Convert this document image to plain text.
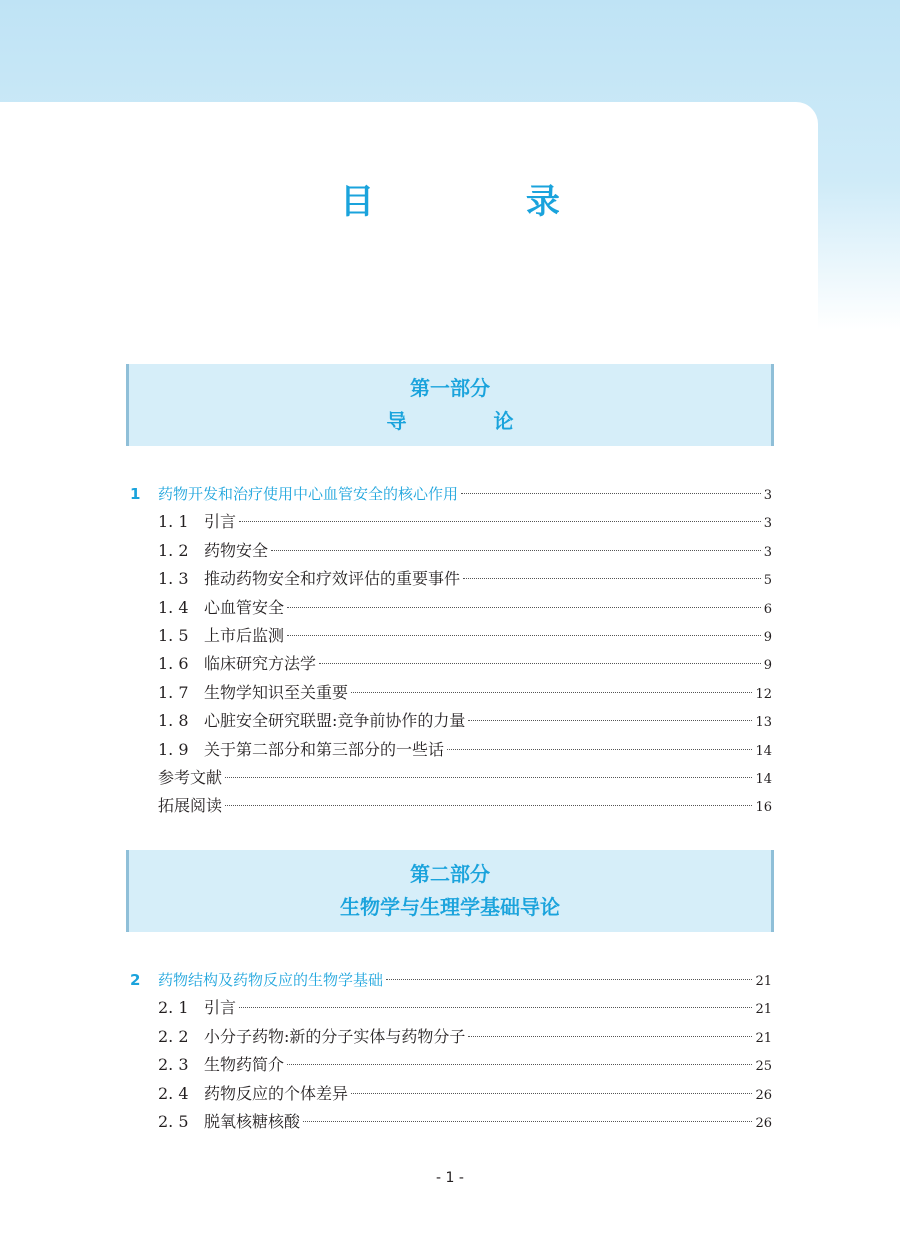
目 录
第一部分
导 论
1	药物开发和治疗使用中心血管安全的核心作用	3
1. 1 引言	3
1. 2 药物安全	3
1. 3 推动药物安全和疗效评估的重要事件	5
1. 4 心血管安全	6
1. 5 上市后监测	9
1. 6 临床研究方法学	9
1. 7 生物学知识至关重要	12
1. 8 心脏安全研究联盟:竞争前协作的力量	13
1. 9 关于第二部分和第三部分的一些话	14
参考文献	14
拓展阅读	16
第二部分
生物学与生理学基础导论
2	药物结构及药物反应的生物学基础	21
2. 1 引言	21
2. 2 小分子药物:新的分子实体与药物分子	21
2. 3 生物药简介	25
2. 4 药物反应的个体差异	26
2. 5 脱氧核糖核酸	26
- 1 -
